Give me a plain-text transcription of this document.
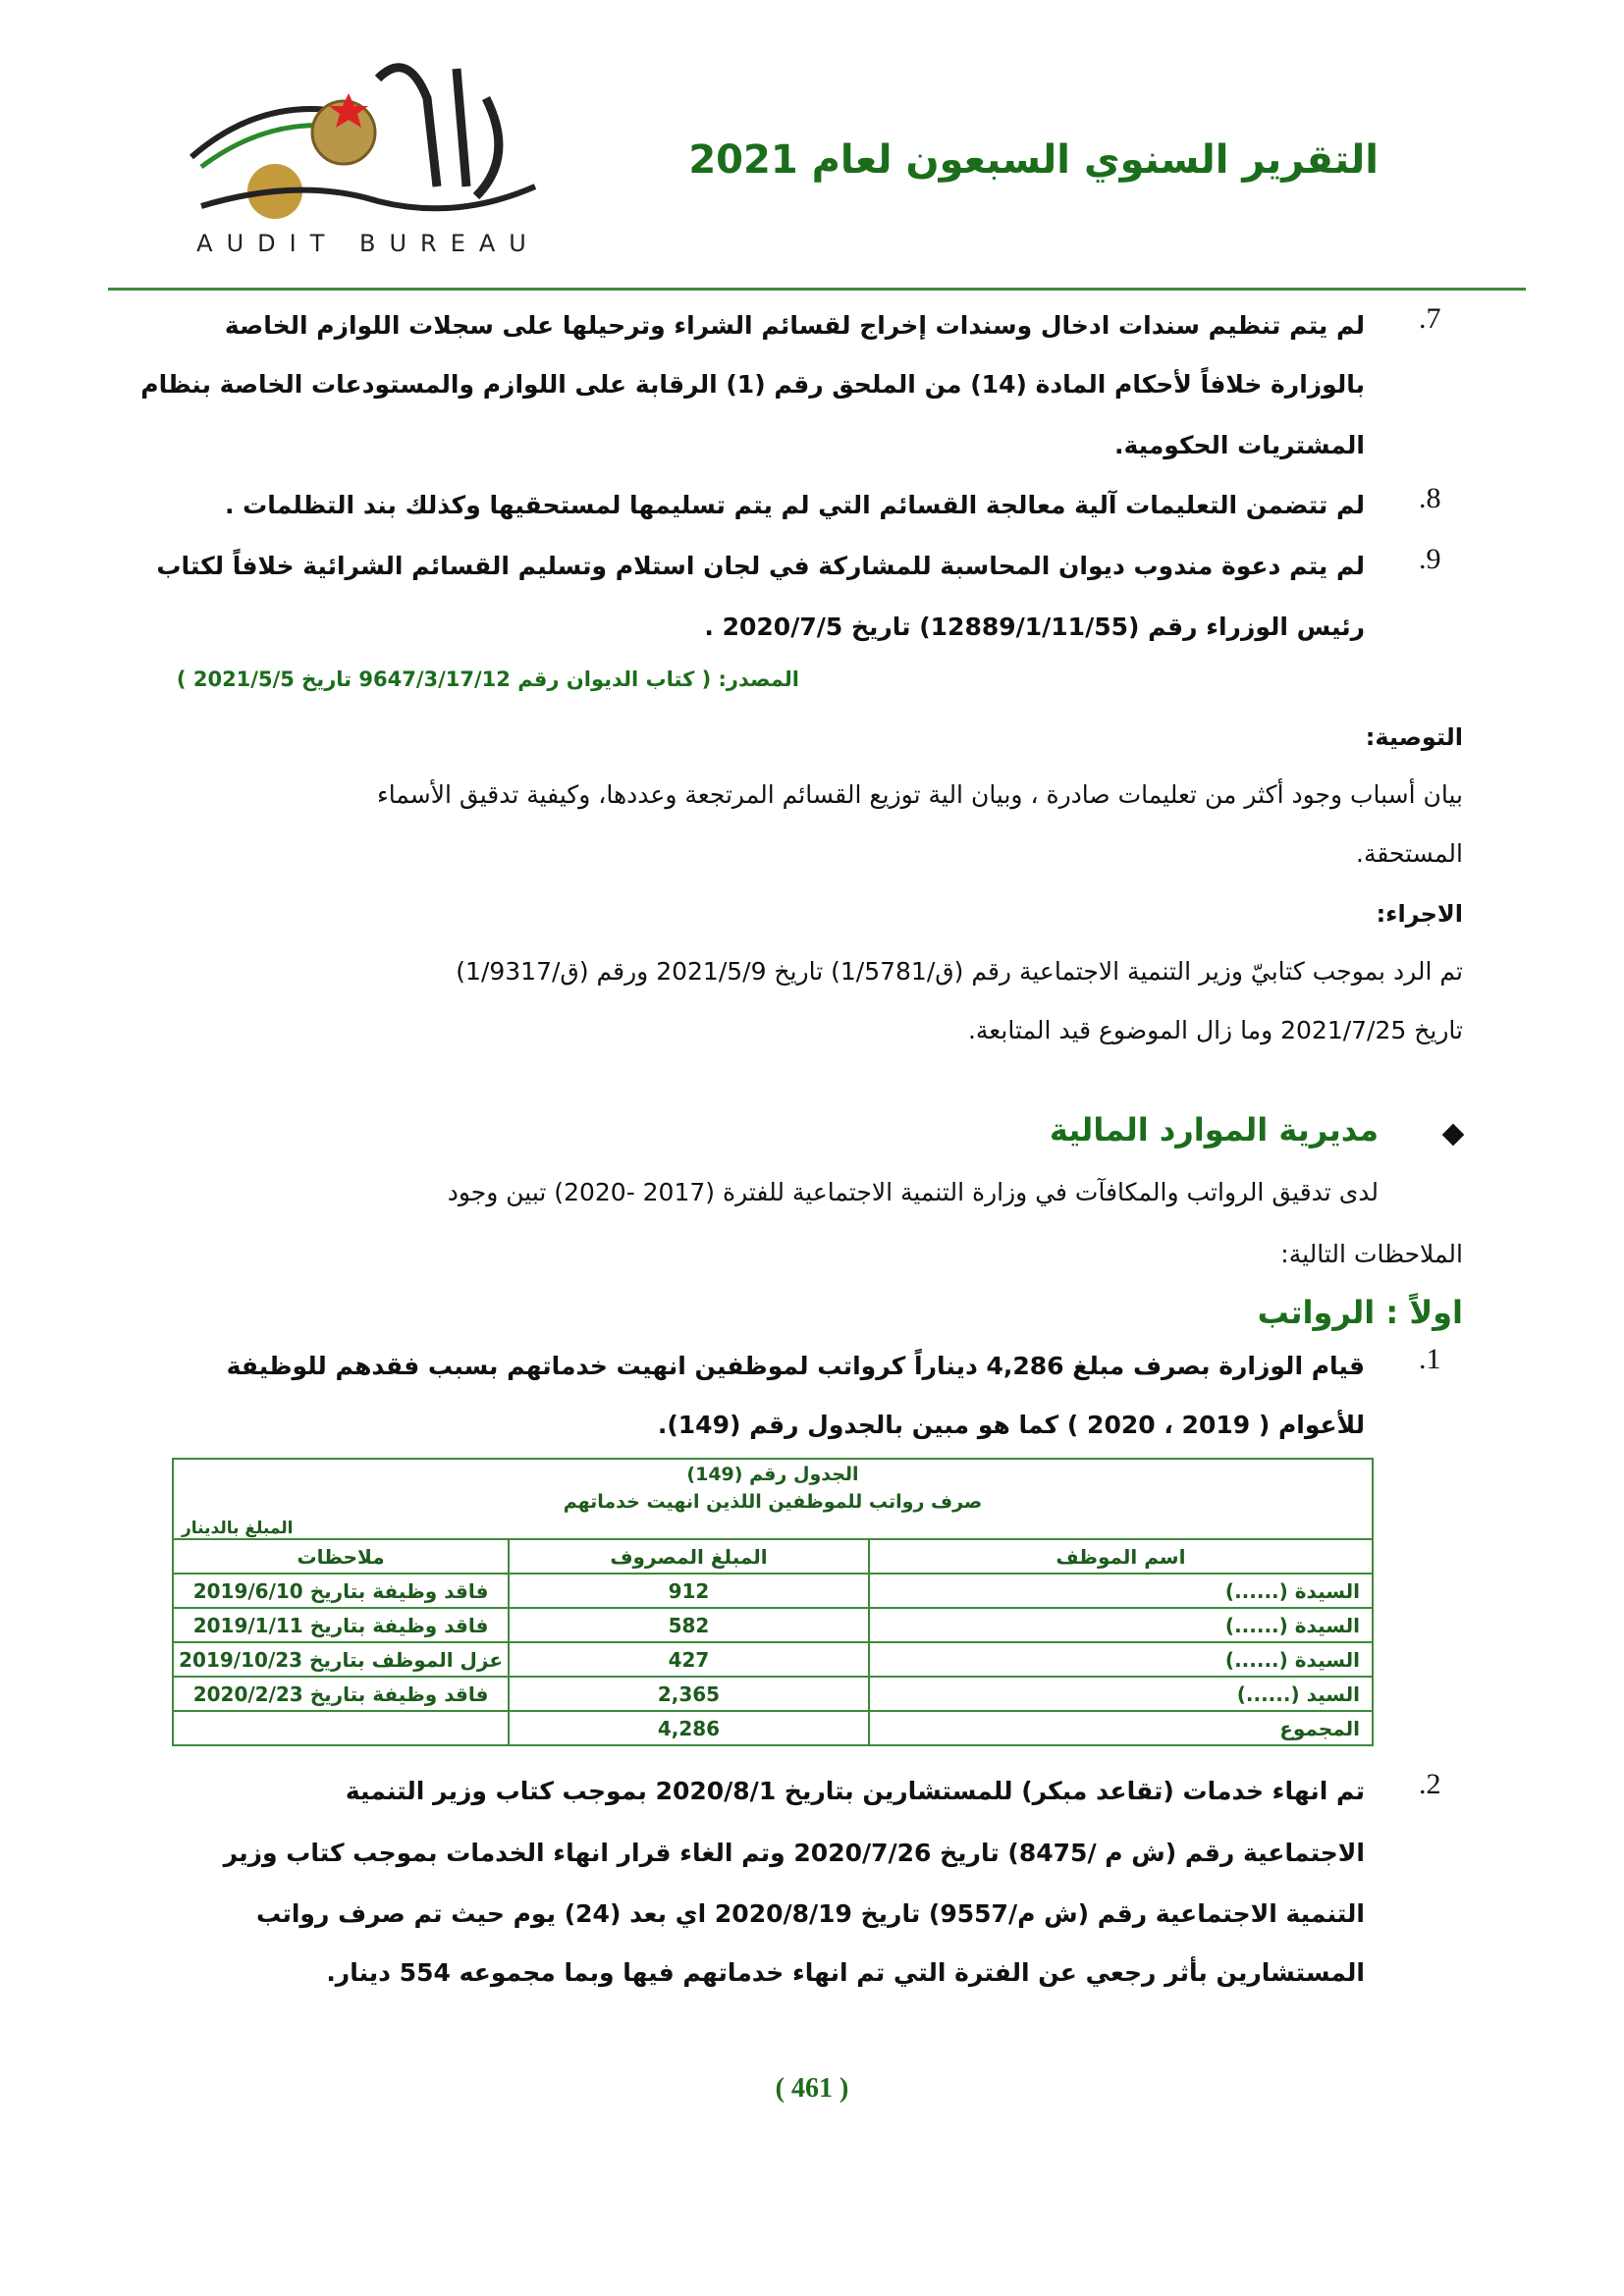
AUDIT BUREAU
التقرير السنوي السبعون لعام 2021
.7
لم يتم تنظيم سندات ادخال وسندات إخراج لقسائم الشراء وترحيلها على سجلات اللوازم الخاصة
بالوزارة خلافاً لأحكام المادة (14) من الملحق رقم (1) الرقابة على اللوازم والمستودعات الخاصة بنظام
المشتريات الحكومية.
.8
لم تتضمن التعليمات آلية معالجة القسائم التي لم يتم تسليمها لمستحقيها وكذلك بند التظلمات .
.9
لم يتم دعوة مندوب ديوان المحاسبة للمشاركة في لجان استلام وتسليم القسائم الشرائية خلافاً لكتاب
رئيس الوزراء رقم (12889/1/11/55) تاريخ 2020/7/5 .
المصدر: ( كتاب الديوان رقم 9647/3/17/12 تاريخ 2021/5/5 )
التوصية:
بيان أسباب وجود أكثر من تعليمات صادرة ، وبيان الية توزيع القسائم المرتجعة وعددها، وكيفية تدقيق الأسماء
المستحقة.
الاجراء:
تم الرد بموجب كتابيّ وزير التنمية الاجتماعية رقم (ق/1/5781) تاريخ 2021/5/9 ورقم (ق/1/9317)
تاريخ 2021/7/25 وما زال الموضوع قيد المتابعة.
مديرية الموارد المالية
لدى تدقيق الرواتب والمكافآت في وزارة التنمية الاجتماعية للفترة (2017 -2020) تبين وجود
الملاحظات التالية:
اولاً : الرواتب
.1
قيام الوزارة بصرف مبلغ 4,286 ديناراً كرواتب لموظفين انهيت خدماتهم بسبب فقدهم للوظيفة
للأعوام ( 2019 ، 2020 ) كما هو مبين بالجدول رقم (149).
الجدول رقم (149)
صرف رواتب للموظفين اللذين انهيت خدماتهم
المبلغ بالدينار
اسم الموظف	المبلغ المصروف	ملاحظات
السيدة (......)	912	فاقد وظيفة بتاريخ 2019/6/10
السيدة (......)	582	فاقد وظيفة بتاريخ 2019/1/11
السيدة (......)	427	عزل الموظف بتاريخ 2019/10/23
السيد (......)	2,365	فاقد وظيفة بتاريخ 2020/2/23
المجموع	4,286	
.2
تم انهاء خدمات (تقاعد مبكر) للمستشارين بتاريخ 2020/8/1 بموجب كتاب وزير التنمية
الاجتماعية رقم (ش م /8475) تاريخ 2020/7/26 وتم الغاء قرار انهاء الخدمات بموجب كتاب وزير
التنمية الاجتماعية رقم (ش م/9557) تاريخ 2020/8/19 اي بعد (24) يوم حيث تم صرف رواتب
المستشارين بأثر رجعي عن الفترة التي تم انهاء خدماتهم فيها وبما مجموعه 554 دينار.
( 461 )
